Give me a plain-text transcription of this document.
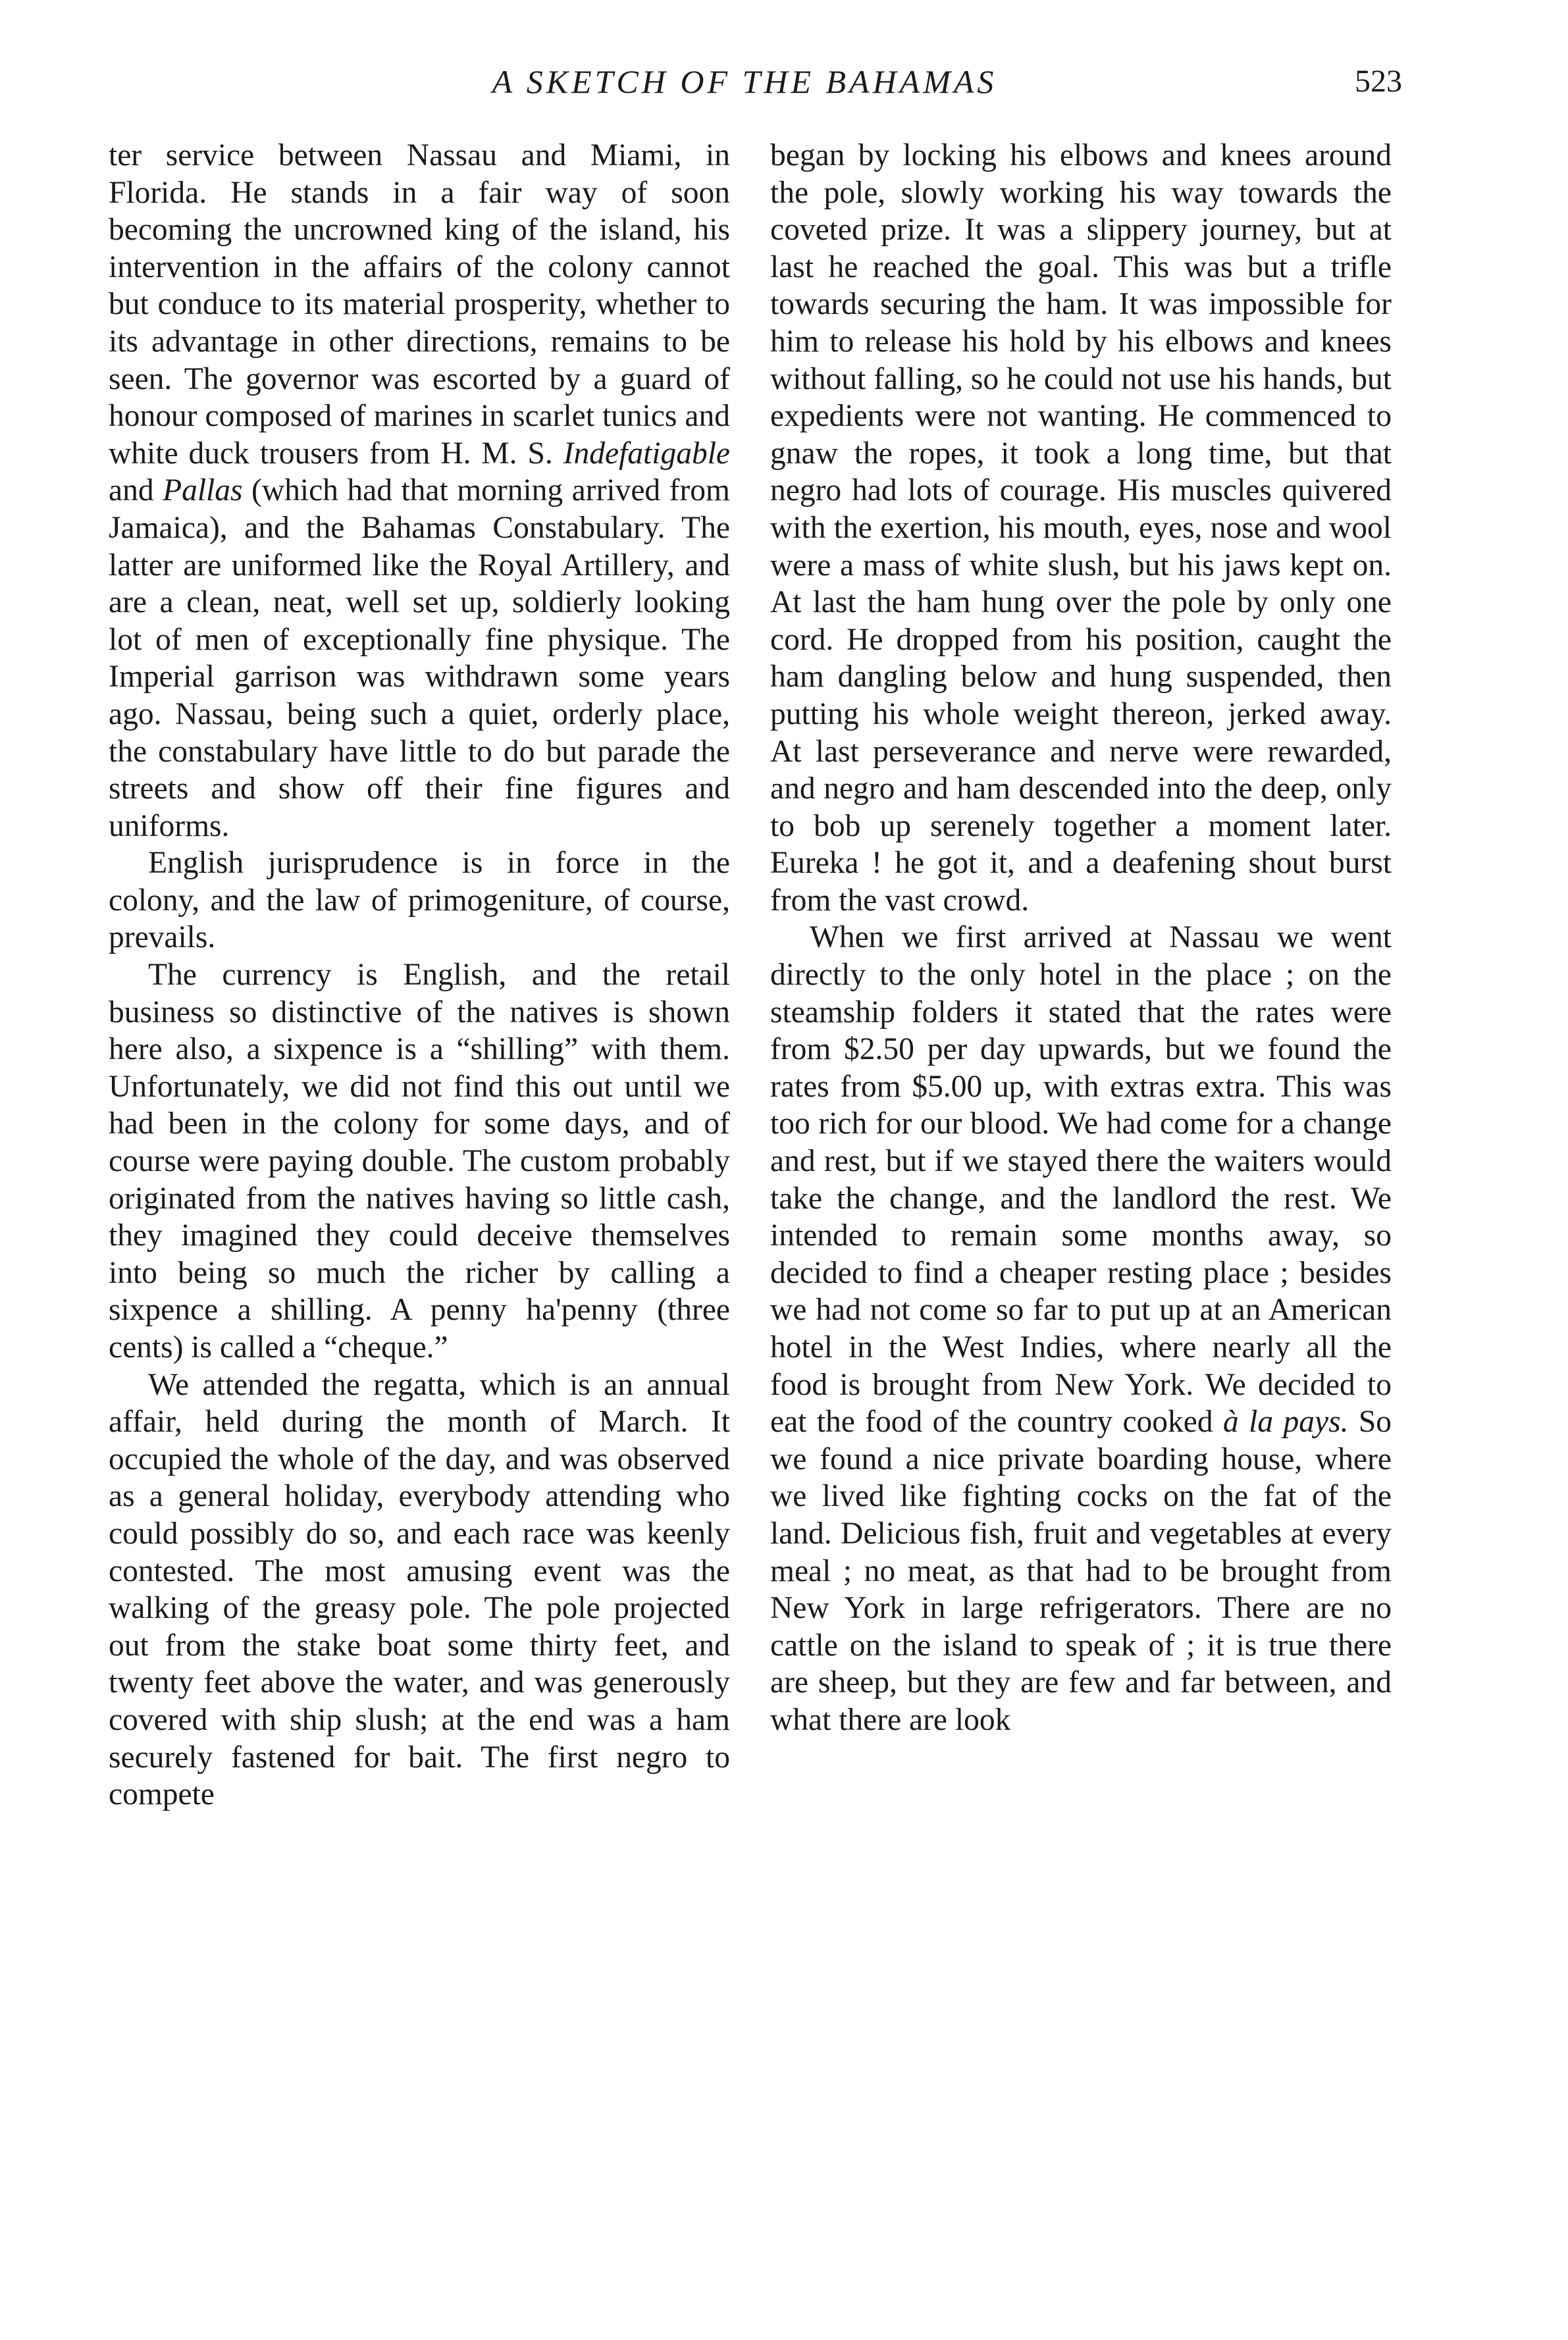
A SKETCH OF THE BAHAMAS	523

ter service between Nassau and Miami, in Florida. He stands in a fair way of soon becoming the uncrowned king of the island, his intervention in the affairs of the colony cannot but conduce to its material prosperity, whether to its advantage in other directions, remains to be seen. The governor was escorted by a guard of honour composed of marines in scarlet tunics and white duck trousers from H. M. S. Indefatigable and Pallas (which had that morning arrived from Jamaica), and the Bahamas Constabulary. The latter are uniformed like the Royal Artillery, and are a clean, neat, well set up, soldierly looking lot of men of exceptionally fine physique. The Imperial garrison was withdrawn some years ago. Nassau, being such a quiet, orderly place, the constabulary have little to do but parade the streets and show off their fine figures and uniforms.

English jurisprudence is in force in the colony, and the law of primogeniture, of course, prevails.

The currency is English, and the retail business so distinctive of the natives is shown here also, a sixpence is a “shilling” with them. Unfortunately, we did not find this out until we had been in the colony for some days, and of course were paying double. The custom probably originated from the natives having so little cash, they imagined they could deceive themselves into being so much the richer by calling a sixpence a shilling. A penny ha'penny (three cents) is called a “cheque.”

We attended the regatta, which is an annual affair, held during the month of March. It occupied the whole of the day, and was observed as a general holiday, everybody attending who could possibly do so, and each race was keenly contested. The most amusing event was the walking of the greasy pole. The pole projected out from the stake boat some thirty feet, and twenty feet above the water, and was generously covered with ship slush; at the end was a ham securely fastened for bait. The first negro to compete

began by locking his elbows and knees around the pole, slowly working his way towards the coveted prize. It was a slippery journey, but at last he reached the goal. This was but a trifle towards securing the ham. It was impossible for him to release his hold by his elbows and knees without falling, so he could not use his hands, but expedients were not wanting. He commenced to gnaw the ropes, it took a long time, but that negro had lots of courage. His muscles quivered with the exertion, his mouth, eyes, nose and wool were a mass of white slush, but his jaws kept on. At last the ham hung over the pole by only one cord. He dropped from his position, caught the ham dangling below and hung suspended, then putting his whole weight thereon, jerked away. At last perseverance and nerve were rewarded, and negro and ham descended into the deep, only to bob up serenely together a moment later. Eureka ! he got it, and a deafening shout burst from the vast crowd.

When we first arrived at Nassau we went directly to the only hotel in the place ; on the steamship folders it stated that the rates were from $2.50 per day upwards, but we found the rates from $5.00 up, with extras extra. This was too rich for our blood. We had come for a change and rest, but if we stayed there the waiters would take the change, and the landlord the rest. We intended to remain some months away, so decided to find a cheaper resting place ; besides we had not come so far to put up at an American hotel in the West Indies, where nearly all the food is brought from New York. We decided to eat the food of the country cooked à la pays. So we found a nice private boarding house, where we lived like fighting cocks on the fat of the land. Delicious fish, fruit and vegetables at every meal ; no meat, as that had to be brought from New York in large refrigerators. There are no cattle on the island to speak of ; it is true there are sheep, but they are few and far between, and what there are look
